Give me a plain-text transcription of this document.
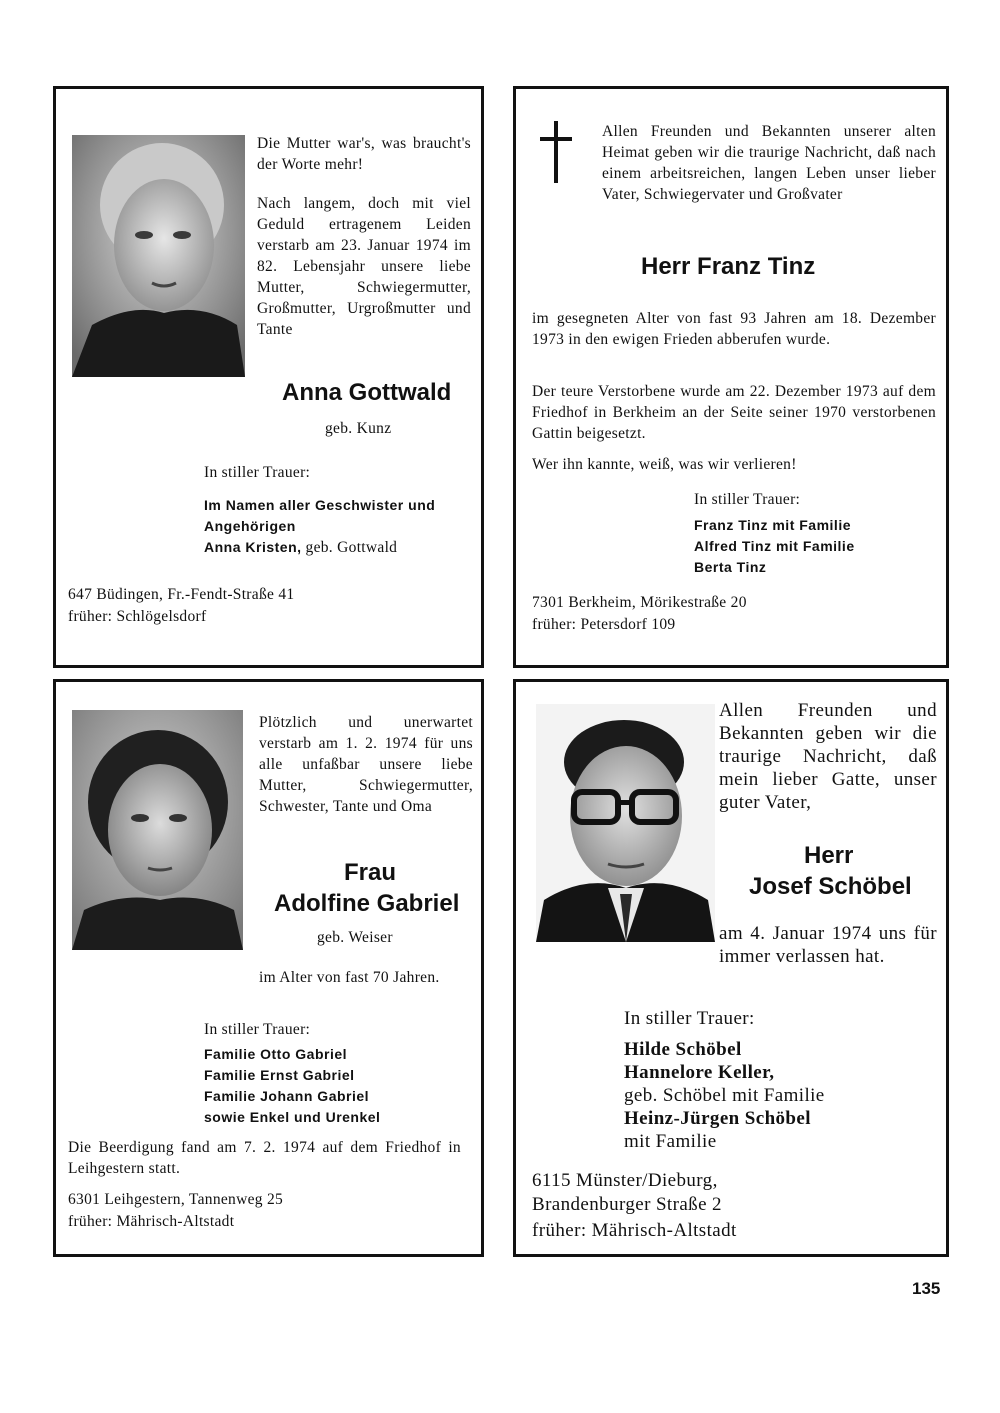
Die Mutter war's, was braucht's der Worte mehr!

Nach langem, doch mit viel Geduld ertragenem Leiden verstarb am 23. Januar 1974 im 82. Lebensjahr unsere liebe Mutter, Schwiegermutter, Großmutter, Urgroßmutter und Tante

Anna Gottwald
geb. Kunz
In stiller Trauer:
Im Namen aller Geschwister und Angehörigen
Anna Kristen, geb. Gottwald
647 Büdingen, Fr.-Fendt-Straße 41
früher: Schlögelsdorf

Allen Freunden und Bekannten unserer alten Heimat geben wir die traurige Nachricht, daß nach einem arbeitsreichen, langen Leben unser lieber Vater, Schwiegervater und Großvater

Herr Franz Tinz

im gesegneten Alter von fast 93 Jahren am 18. Dezember 1973 in den ewigen Frieden abberufen wurde.

Der teure Verstorbene wurde am 22. Dezember 1973 auf dem Friedhof in Berkheim an der Seite seiner 1970 verstorbenen Gattin beigesetzt.

Wer ihn kannte, weiß, was wir verlieren!
In stiller Trauer:
Franz Tinz mit Familie
Alfred Tinz mit Familie
Berta Tinz
7301 Berkheim, Mörikestraße 20
früher: Petersdorf 109

Plötzlich und unerwartet verstarb am 1. 2. 1974 für uns alle unfaßbar unsere liebe Mutter, Schwiegermutter, Schwester, Tante und Oma

Frau
Adolfine Gabriel
geb. Weiser

im Alter von fast 70 Jahren.

In stiller Trauer:
Familie Otto Gabriel
Familie Ernst Gabriel
Familie Johann Gabriel
sowie Enkel und Urenkel

Die Beerdigung fand am 7. 2. 1974 auf dem Friedhof in Leihgestern statt.

6301 Leihgestern, Tannenweg 25
früher: Mährisch-Altstadt

Allen Freunden und Bekannten geben wir die traurige Nachricht, daß mein lieber Gatte, unser guter Vater,

Herr
Josef Schöbel

am 4. Januar 1974 uns für immer verlassen hat.

In stiller Trauer:
Hilde Schöbel
Hannelore Keller,
geb. Schöbel mit Familie
Heinz-Jürgen Schöbel
mit Familie
6115 Münster/Dieburg,
Brandenburger Straße 2
früher: Mährisch-Altstadt
135
